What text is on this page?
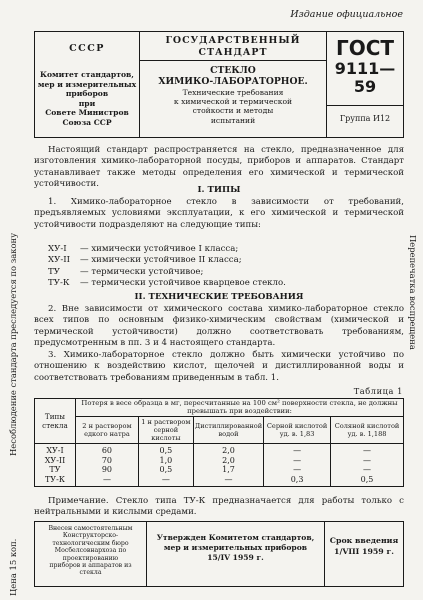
Издание официальное
СССР
Комитет стандартов,
мер и измерительных
приборов
при
Совете Министров
Союза ССР
ГОСУДАРСТВЕННЫЙ
СТАНДАРТ
СТЕКЛО
ХИМИКО-ЛАБОРАТОРНОЕ.
Технические требования
к химической и термической
стойкости и методы
испытаний
ГОСТ
9111—59
Группа И12
Настоящий стандарт распространяется на стекло, предназначенное для изготовления химико-лабораторной посуды, приборов и аппаратов. Стандарт устанавливает также методы определения его химической и термической устойчивости.
I. ТИПЫ
1. Химико-лабораторное стекло в зависимости от требований, предъявляемых условиями эксплуатации, к его химической и термической устойчивости подразделяют на следующие типы:
ХУ-I	— химически устойчивое I класса;
ХУ-II	— химически устойчивое II класса;
ТУ	— термически устойчивое;
ТУ-К	— термически устойчивое кварцевое стекло.
II. ТЕХНИЧЕСКИЕ ТРЕБОВАНИЯ
2. Вне зависимости от химического состава химико-лабораторное стекло всех типов по основным физико-химическим свойствам (химической и термической устойчивости) должно соответствовать требованиям, предусмотренным в пп. 3 и 4 настоящего стандарта.
3. Химико-лабораторное стекло должно быть химически устойчиво по отношению к воздействию кислот, щелочей и дистиллированной воды и соответствовать требованиям приведенным в табл. 1.
Таблица 1
Типы стекла	Потеря в весе образца в мг, пересчитанные на 100 см² поверхности стекла, не должны превышать при воздействии:				
	2 н раствором едкого натра	1 н раствором серной кислоты	Дистиллированной водой	Серной кислотой уд. в. 1,83	Соляной кислотой уд. в. 1,188
ХУ-I	60	0,5	2,0	—	—
ХУ-II	70	1,0	2,0	—	—
ТУ	90	0,5	1,7	—	—
ТУ-К	—	—	—	0,3	0,5
Примечание. Стекло типа ТУ-К предназначается для работы только с нейтральными и кислыми средами.
Внесен самостоятельным
Конструкторско-технологическим бюро Мосбелсовнархоза по проектированию
приборов и аппаратов из
стекла
Утвержден Комитетом стандартов,
мер и измерительных приборов
15/IV 1959 г.
Срок введения
1/VIII 1959 г.
Несоблюдение стандарта преследуется по закону
Цена 15 коп.
Перепечатка воспрещена
